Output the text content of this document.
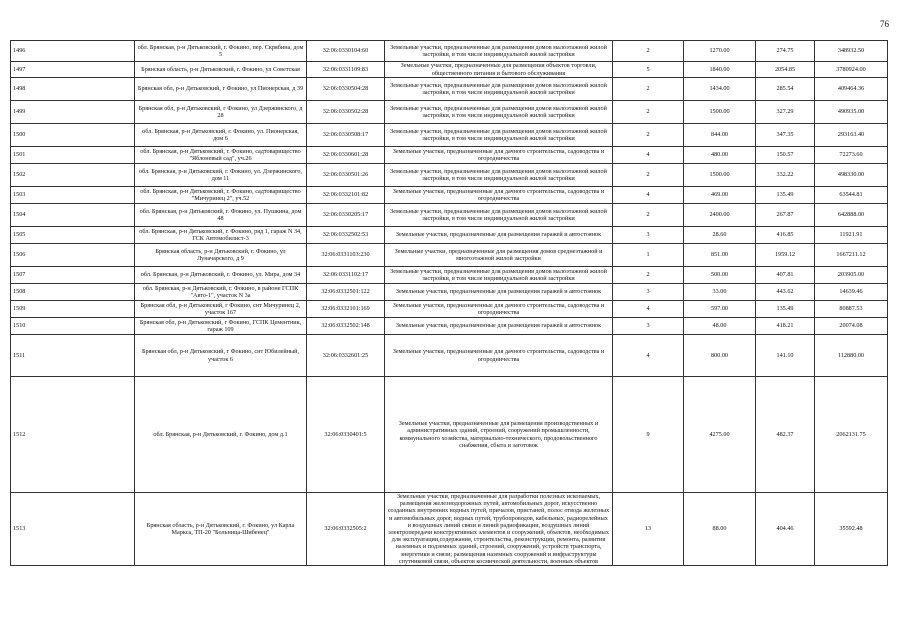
76
1496	обл. Брянская, р-н Дятьковский, г. Фокино, пер. Скрябина, дом 5	32:06:0330104:60	Земельные участки, предназначенные для размещения домов малоэтажной жилой застройки, в том числе индивидуальной жилой застройки	2	1270.00	274.75	348932.50
1497	Брянская область, р-н Дятьковский, г. Фокино, ул Советская	32:06:0331109:83	Земельные участки, предназначенные для размещения объектов торговли, общественного питания и бытового обслуживания	5	1840.00	2054.85	3780924.00
1498	Брянская обл, р-н Дятьковский, г Фокино, ул Пионерская, д 39	32:06:0330504:28	Земельные участки, предназначенные для размещения домов малоэтажной жилой застройки, в том числе индивидуальной жилой застройки	2	1434.00	285.54	409464.36
1499	Брянская обл, р-н Дятьковский, г Фокино, ул Дзержинского, д 28	32:06:0330502:28	Земельные участки, предназначенные для размещения домов малоэтажной жилой застройки, в том числе индивидуальной жилой застройки	2	1500.00	327.29	490935.00
1500	обл. Брянская, р-н Дятьковский, г. Фокино, ул. Пионерская, дом 6	32:06:0330508:17	Земельные участки, предназначенные для размещения домов малоэтажной жилой застройки, в том числе индивидуальной жилой застройки	2	844.00	347.35	293163.40
1501	обл. Брянская, р-н Дятьковский, г. Фокино, садтоварищество "Яблоневый сад", уч.26	32:06:0330601:28	Земельные участки, предназначенные для дачного строительства, садоводства и огородничества	4	480.00	150.57	72273.60
1502	обл. Брянская, р-н Дятьковский, г. Фокино, ул. Дзержинского, дом 11	32:06:0330501:26	Земельные участки, предназначенные для размещения домов малоэтажной жилой застройки, в том числе индивидуальной жилой застройки	2	1500.00	332.22	498330.00
1503	обл. Брянская, р-н Дятьковский, г. Фокино, садтоварищество "Мичуринец 2", уч.52	32:06:0332101:82	Земельные участки, предназначенные для дачного строительства, садоводства и огородничества	4	469.00	135.49	63544.81
1504	обл. Брянская, р-н Дятьковский, г. Фокино, ул. Пушкина, дом 48	32:06:0330205:17	Земельные участки, предназначенные для размещения домов малоэтажной жилой застройки, в том числе индивидуальной жилой застройки	2	2400.00	267.87	642888.00
1505	обл. Брянская, р-н Дятьковский, г. Фокино, ряд 1, гараж N 34, ГСК Автомобилист-3	32:06:0332502:53	Земельные участки, предназначенные для размещения гаражей и автостоянок	3	28.60	416.85	11921.91
1506	Брянская область, р-н Дятьковский, г. Фокино, ул Луначарского, д 9	32:06:0331103:230	Земельные участки, предназначенные для размещения домов среднеэтажной и многоэтажной жилой застройки	1	851.00	1959.12	1667211.12
1507	обл. Брянская, р-н Дятьковский, г. Фокино, ул. Мира, дом 34	32:06:0331102:17	Земельные участки, предназначенные для размещения домов малоэтажной жилой застройки, в том числе индивидуальной жилой застройки	2	500.00	407.81	203905.00
1508	обл. Брянская, р-н Дятьковский, г. Фокино, в районе ГСПК "Авто-1", участок N 3а	32:06:0332501:122	Земельные участки, предназначенные для размещения гаражей и автостоянок	3	33.00	443.62	14639.46
1509	Брянская обл, р-н Дятьковский, г Фокино, снт Мичуринец 2, участок 167	32:06:0332101:169	Земельные участки, предназначенные для дачного строительства, садоводства и огородничества	4	597.00	135.49	80887.53
1510	Брянская обл, р-н Дятьковский, г Фокино, ГСПК Цементник, гараж 109	32:06:0332502:148	Земельные участки, предназначенные для размещения гаражей и автостоянок	3	48.00	418.21	20074.08
1511	Брянская обл, р-н Дятьковский, г Фокино, снт Юбилейный, участок 6	32:06:0332601:25	Земельные участки, предназначенные для дачного строительства, садоводства и огородничества	4	800.00	141.10	112880.00
1512	обл. Брянская, р-н Дятьковский, г. Фокино, дом д.1	32:06:0330401:5	Земельные участки, предназначенные для размещения производственных и административных зданий, строений, сооружений промышленности, коммунального хозяйства, материально-технического, продовольственного снабжения, сбыта и заготовок	9	4275.00	482.37	2062131.75
1513	Брянская область, р-н Дятьковский, г. Фокино, ул Карла Маркса, ТП-20 "Больница-Шибенец"	32:06:0332505:2	Земельные участки, предназначенные для разработки полезных ископаемых, размещения железнодорожных путей, автомобильных дорог, искусственно созданных внутренних водных путей, причалов, пристаней, полос отвода железных и автомобильных дорог, водных путей, трубопроводов, кабельных, радиорелейных и воздушных линий связи и линий радиофикации, воздушных линий электропередачи конструктивных элементов и сооружений, объектов, необходимых для эксплуатации,содержания, строительства, реконструкции, ремонта, развития наземных и подземных зданий, строений, сооружений, устройств транспорта, энергетики и связи; размещения наземных сооружений и инфраструктуры спутниковой связи, объектов космической деятельности, военных объектов	13	88.00	404.46	35592.48
